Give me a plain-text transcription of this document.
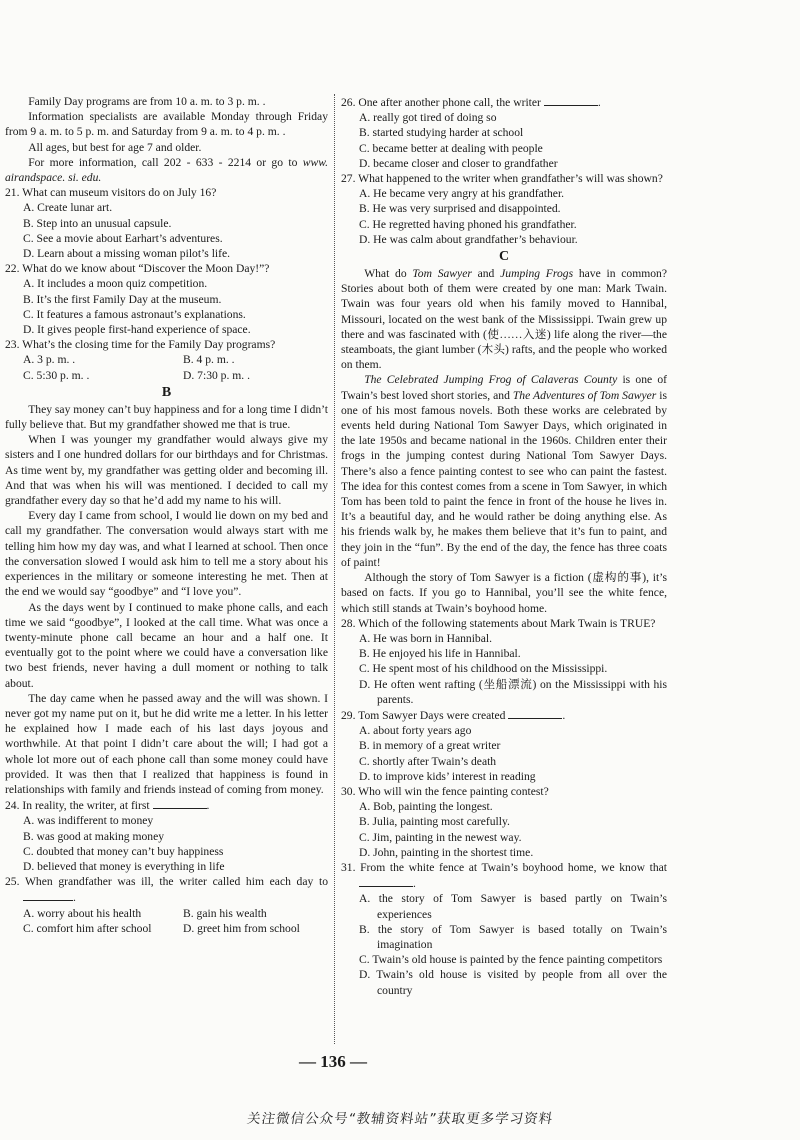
Family Day programs are from 10 a. m. to 3 p. m. .

Information specialists are available Monday through Friday from 9 a. m. to 5 p. m. and Saturday from 9 a. m. to 4 p. m. .

All ages, but best for age 7 and older.

For more information, call 202 - 633 - 2214 or go to www. airandspace. si. edu.

21. What can museum visitors do on July 16?

A. Create lunar art.

B. Step into an unusual capsule.

C. See a movie about Earhart’s adventures.

D. Learn about a missing woman pilot’s life.

22. What do we know about “Discover the Moon Day!”?

A. It includes a moon quiz competition.

B. It’s the first Family Day at the museum.

C. It features a famous astronaut’s explanations.

D. It gives people first-hand experience of space.

23. What’s the closing time for the Family Day programs?

A. 3 p. m. .	B. 4 p. m. .
C. 5:30 p. m. .	D. 7:30 p. m. .
B

They say money can’t buy happiness and for a long time I didn’t fully believe that. But my grandfather showed me that is true.

When I was younger my grandfather would always give my sisters and I one hundred dollars for our birthdays and for Christmas. As time went by, my grandfather was getting older and becoming ill. And that was when his will was mentioned. I decided to call my grandfather every day so that he’d add my name to his will.

Every day I came from school, I would lie down on my bed and call my grandfather. The conversation would always start with me telling him how my day was, and what I learned at school. Then once the conversation slowed I would ask him to tell me a story about his experiences in the military or someone interesting he met. Then at the end we would say “goodbye” and “I love you”.

As the days went by I continued to make phone calls, and each time we said “goodbye”, I looked at the call time. What was once a twenty-minute phone call became an hour and a half one. It eventually got to the point where we could have a conversation like two best friends, never having a dull moment or nothing to talk about.

The day came when he passed away and the will was shown. I never got my name put on it, but he did write me a letter. In his letter he explained how I made each of his last days joyous and worthwhile. At that point I didn’t care about the will; I had got a whole lot more out of each phone call than some money could have provided. It was then that I realized that happiness is found in relationships with family and friends instead of coming from money.

24. In reality, the writer, at first	.

A. was indifferent to money

B. was good at making money

C. doubted that money can’t buy happiness

D. believed that money is everything in life

25. When grandfather was ill, the writer called him each day to .

A. worry about his health	B. gain his wealth
C. comfort him after school	D. greet him from school

26. One after another phone call, the writer	.

A. really got tired of doing so

B. started studying harder at school

C. became better at dealing with people

D. became closer and closer to grandfather

27. What happened to the writer when grandfather’s will was shown?

A. He became very angry at his grandfather.

B. He was very surprised and disappointed.

C. He regretted having phoned his grandfather.

D. He was calm about grandfather’s behaviour.

C

What do Tom Sawyer and Jumping Frogs have in common? Stories about both of them were created by one man: Mark Twain. Twain was four years old when his family moved to Hannibal, Missouri, located on the west bank of the Mississippi. Twain grew up there and was fascinated with (使……入迷) life along the river—the steamboats, the giant lumber (木头) rafts, and the people who worked on them.

The Celebrated Jumping Frog of Calaveras County is one of Twain’s best loved short stories, and The Adventures of Tom Sawyer is one of his most famous novels. Both these works are celebrated by events held during National Tom Sawyer Days, which originated in the late 1950s and became national in the 1960s. Children enter their frogs in the jumping contest during National Tom Sawyer Days. There’s also a fence painting contest to see who can paint the fastest. The idea for this contest comes from a scene in Tom Sawyer, in which Tom has been told to paint the fence in front of the house he lives in. It’s a beautiful day, and he would rather be doing anything else. As his friends walk by, he makes them believe that it’s fun to paint, and they join in the “fun”. By the end of the day, the fence has three coats of paint!

Although the story of Tom Sawyer is a fiction (虚构的事), it’s based on facts. If you go to Hannibal, you’ll see the white fence, which still stands at Twain’s boyhood home.

28. Which of the following statements about Mark Twain is TRUE?

A. He was born in Hannibal.

B. He enjoyed his life in Hannibal.

C. He spent most of his childhood on the Mississippi.

D. He often went rafting (坐船漂流) on the Mississippi with his parents.

29. Tom Sawyer Days were created	.

A. about forty years ago

B. in memory of a great writer

C. shortly after Twain’s death

D. to improve kids’ interest in reading

30. Who will win the fence painting contest?

A. Bob, painting the longest.

B. Julia, painting most carefully.

C. Jim, painting in the newest way.

D. John, painting in the shortest time.

31. From the white fence at Twain’s boyhood home, we know that .

A. the story of Tom Sawyer is based partly on Twain’s experiences

B. the story of Tom Sawyer is based totally on Twain’s imagination

C. Twain’s old house is painted by the fence painting competitors

D. Twain’s old house is visited by people from all over the country

— 136 —
关注微信公众号“教辅资料站”获取更多学习资料
